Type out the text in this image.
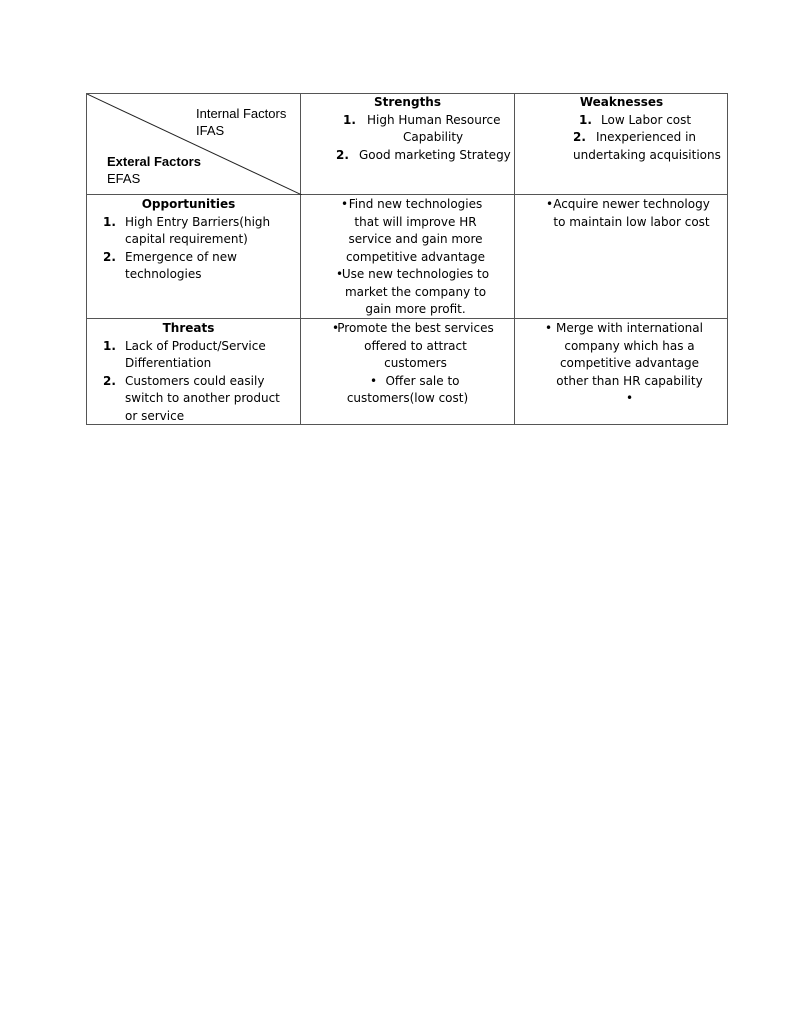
Internal Factors
IFAS
Exteral Factors
EFAS
Strengths
1. High Human Resource
Capability
2. Good marketing Strategy
Weaknesses
1. Low Labor cost
2. Inexperienced in
undertaking acquisitions
Opportunities
1. High Entry Barriers(high capital requirement)
2. Emergence of new technologies
• Find new technologies
that will improve HR
service and gain more
competitive advantage
•
Use new technologies to
market the company to
gain more profit.
• Acquire newer technology
to maintain low labor cost
Threats
1. Lack of Product/Service Differentiation
2. Customers could easily switch to another product or service
•
Promote the best services
offered to attract
customers
• Offer sale to
customers(low cost)
• Merge with international
company which has a
competitive advantage
other than HR capability
•
